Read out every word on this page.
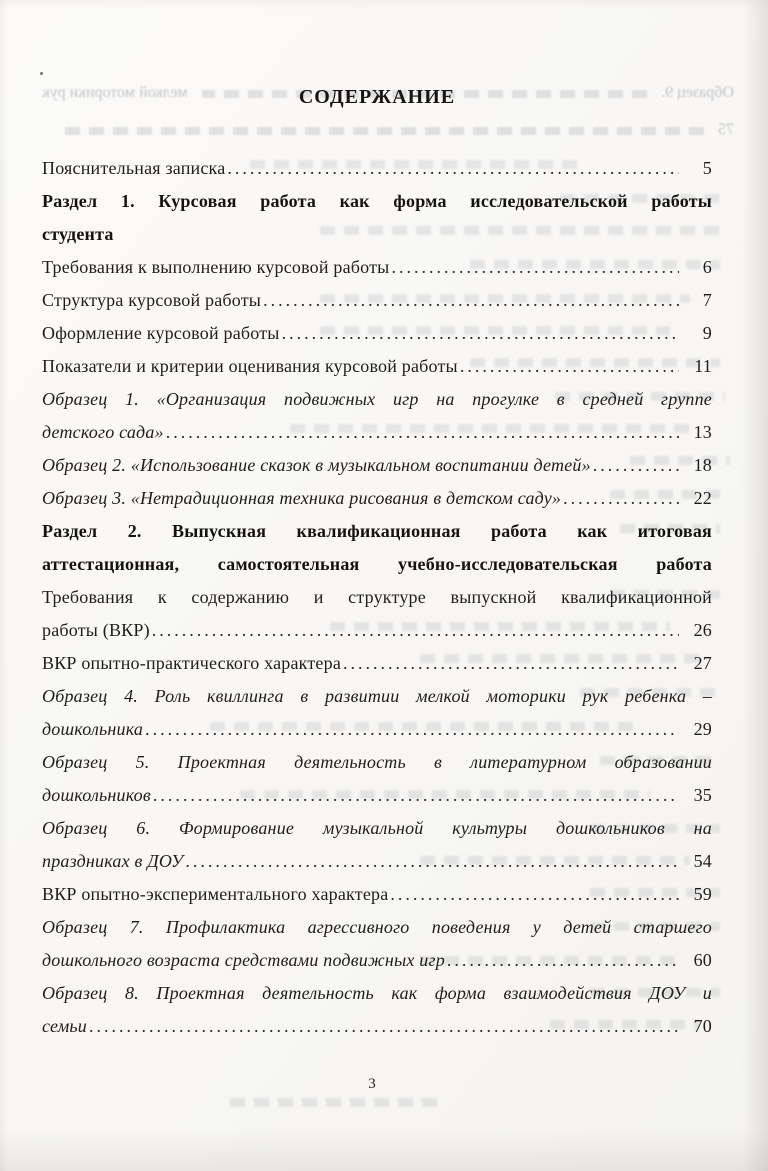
Образец 9.
мелкой моторики рук
75
СОДЕРЖАНИЕ
Пояснительная записка .....	5
Раздел 1. Курсовая работа как форма исследовательской работы
студента
Требования к выполнению курсовой работы .....	6
Структура курсовой работы .....	7
Оформление курсовой работы .....	9
Показатели и критерии оценивания курсовой работы .....	11
Образец 1. «Организация подвижных игр на прогулке в средней группе
детского сада» .....	13
Образец 2. «Использование сказок в музыкальном воспитании детей» .....	18
Образец 3. «Нетрадиционная техника рисования в детском саду» .....	22
Раздел 2. Выпускная квалификационная работа как итоговая
аттестационная, самостоятельная учебно-исследовательская работа
Требования к содержанию и структуре выпускной квалификационной
работы (ВКР) .....	26
ВКР опытно-практического характера .....	27
Образец 4. Роль квиллинга в развитии мелкой моторики рук ребенка –
дошкольника .....	29
Образец 5. Проектная деятельность в литературном образовании
дошкольников .....	35
Образец 6. Формирование музыкальной культуры дошкольников на
праздниках в ДОУ .....	54
ВКР опытно-экспериментального характера .....	59
Образец 7. Профилактика агрессивного поведения у детей старшего
дошкольного возраста средствами подвижных игр .....	60
Образец 8. Проектная деятельность как форма взаимодействия ДОУ и
семьи .....	70
3
